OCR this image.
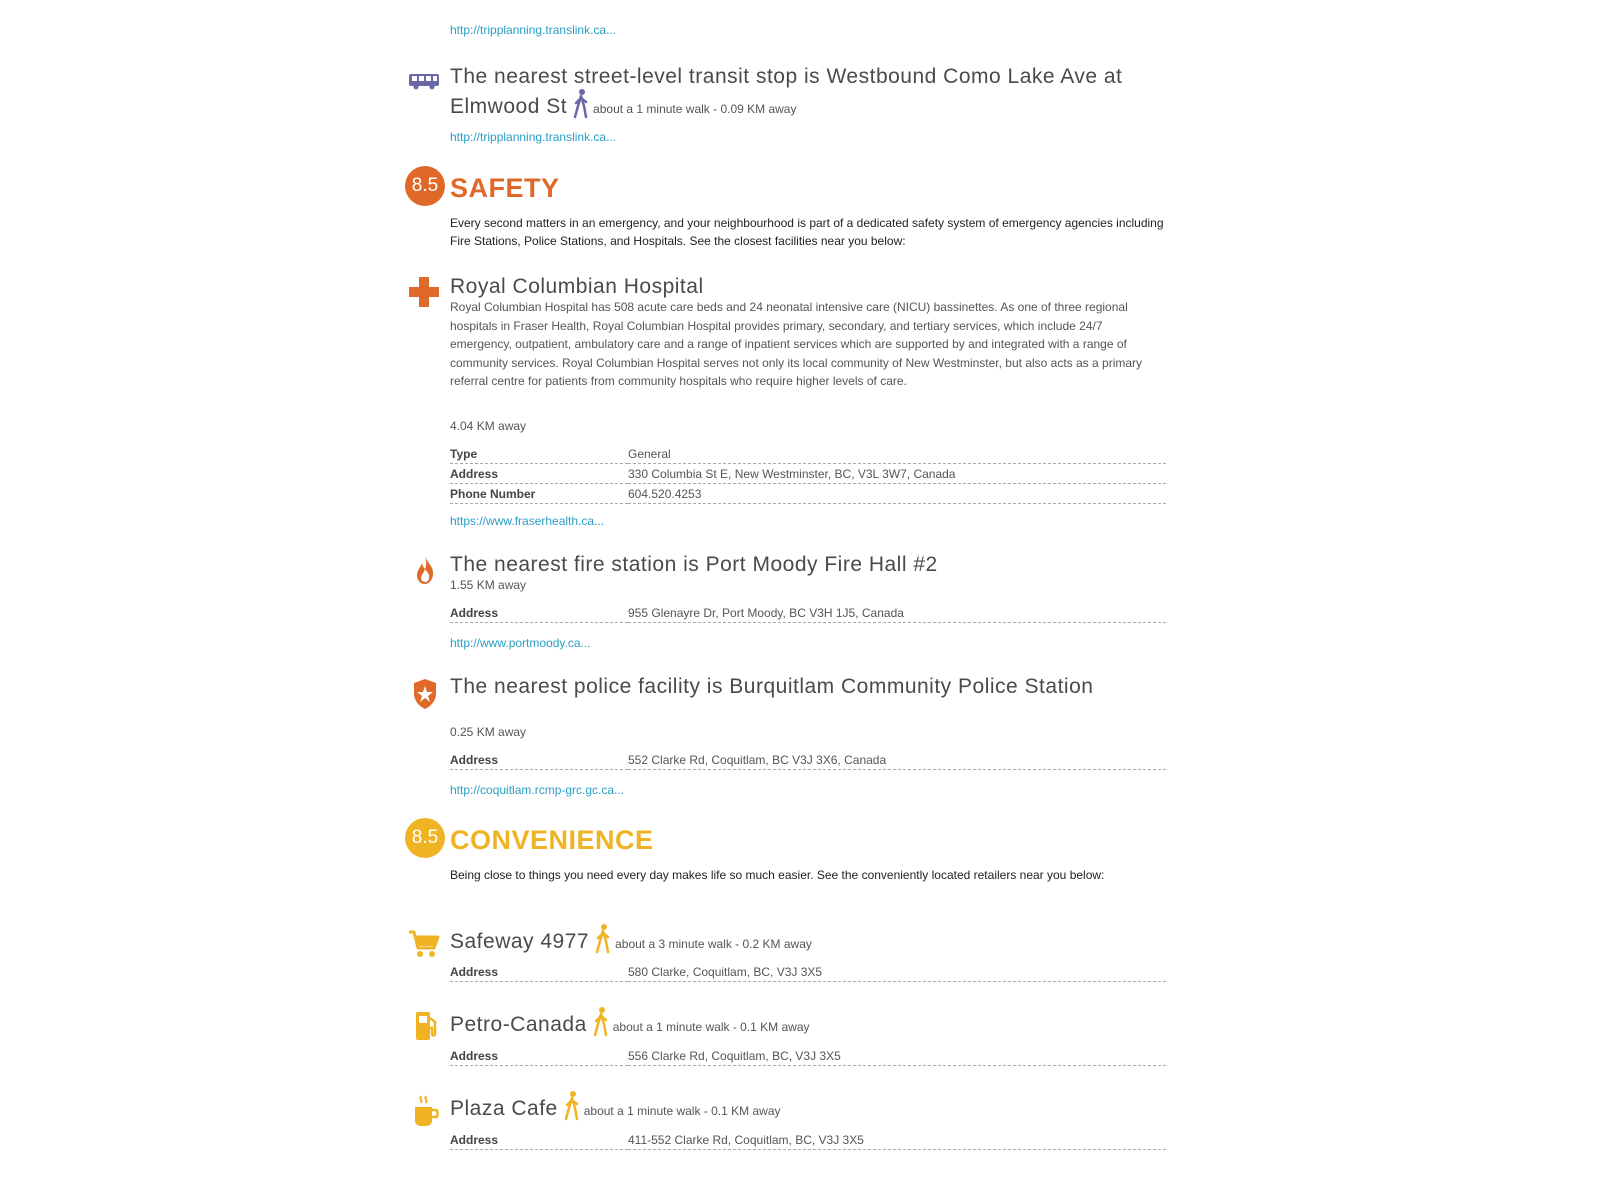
http://tripplanning.translink.ca...
The nearest street-level transit stop is Westbound Como Lake Ave at Elmwood St about a 1 minute walk - 0.09 KM away
http://tripplanning.translink.ca...
8.5 SAFETY
Every second matters in an emergency, and your neighbourhood is part of a dedicated safety system of emergency agencies including Fire Stations, Police Stations, and Hospitals. See the closest facilities near you below:
Royal Columbian Hospital
Royal Columbian Hospital has 508 acute care beds and 24 neonatal intensive care (NICU) bassinettes. As one of three regional hospitals in Fraser Health, Royal Columbian Hospital provides primary, secondary, and tertiary services, which include 24/7 emergency, outpatient, ambulatory care and a range of inpatient services which are supported by and integrated with a range of community services. Royal Columbian Hospital serves not only its local community of New Westminster, but also acts as a primary referral centre for patients from community hospitals who require higher levels of care.
4.04 KM away
Type	General
Address	330 Columbia St E, New Westminster, BC, V3L 3W7, Canada
Phone Number	604.520.4253
https://www.fraserhealth.ca...
The nearest fire station is Port Moody Fire Hall #2
1.55 KM away
Address	955 Glenayre Dr, Port Moody, BC V3H 1J5, Canada
http://www.portmoody.ca...
The nearest police facility is Burquitlam Community Police Station
0.25 KM away
Address	552 Clarke Rd, Coquitlam, BC V3J 3X6, Canada
http://coquitlam.rcmp-grc.gc.ca...
8.5 CONVENIENCE
Being close to things you need every day makes life so much easier. See the conveniently located retailers near you below:
Safeway 4977 about a 3 minute walk - 0.2 KM away
Address	580 Clarke, Coquitlam, BC, V3J 3X5
Petro-Canada about a 1 minute walk - 0.1 KM away
Address	556 Clarke Rd, Coquitlam, BC, V3J 3X5
Plaza Cafe about a 1 minute walk - 0.1 KM away
Address	411-552 Clarke Rd, Coquitlam, BC, V3J 3X5
